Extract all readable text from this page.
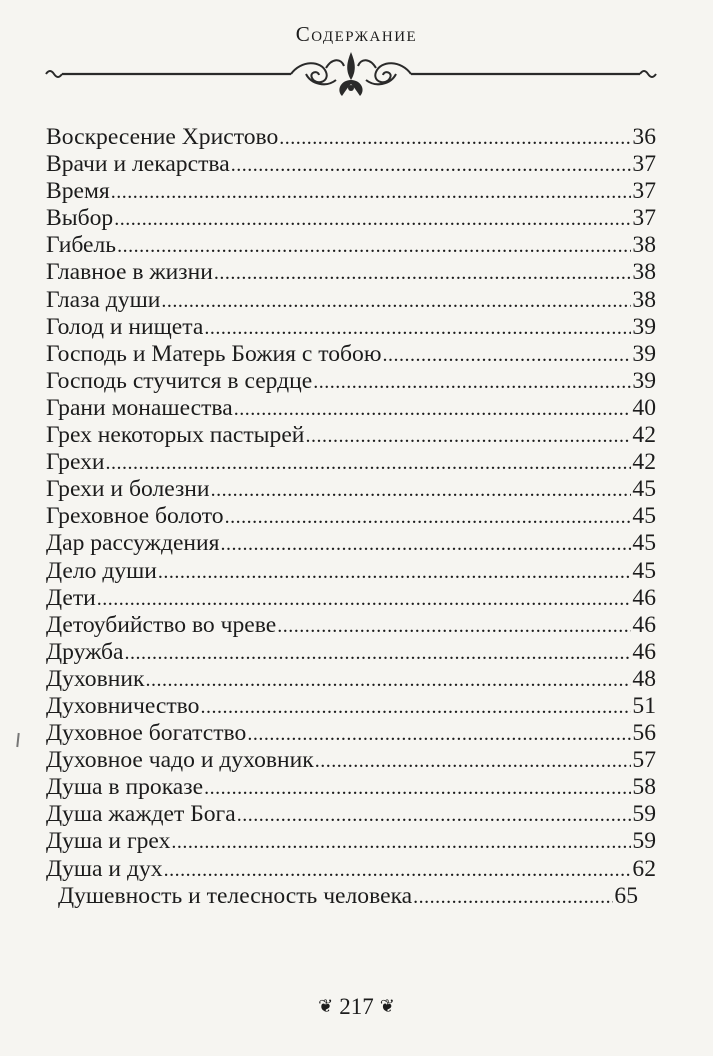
Содержание
Воскресение Христово .....	36
Врачи и лекарства .....	37
Время .....	37
Выбор .....	37
Гибель .....	38
Главное в жизни .....	38
Глаза души .....	38
Голод и нищета .....	39
Господь и Матерь Божия с тобою .....	39
Господь стучится в сердце .....	39
Грани монашества .....	40
Грех некоторых пастырей .....	42
Грехи .....	42
Грехи и болезни .....	45
Греховное болото .....	45
Дар рассуждения .....	45
Дело души .....	45
Дети .....	46
Детоубийство во чреве .....	46
Дружба .....	46
Духовник .....	48
Духовничество .....	51
Духовное богатство .....	56
Духовное чадо и духовник .....	57
Душа в проказе .....	58
Душа жаждет Бога .....	59
Душа и грех .....	59
Душа и дух .....	62
Душевность и телесность человека .....	65
❦ 217 ❦
